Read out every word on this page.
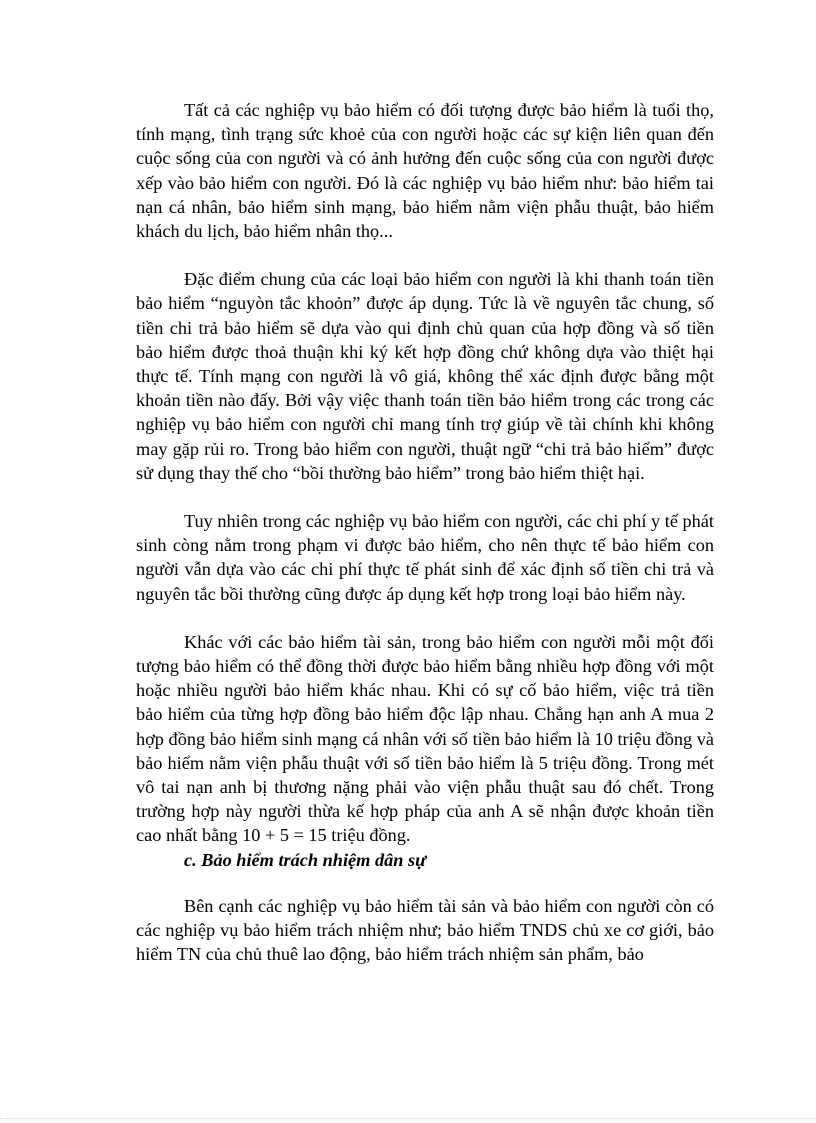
Tất cả các nghiệp vụ bảo hiểm có đối tượng được bảo hiểm là tuổi thọ, tính mạng, tình trạng sức khoẻ của con người hoặc các sự kiện liên quan đến cuộc sống của con người và có ảnh hưởng đến cuộc sống của con người được xếp vào bảo hiểm con người. Đó là các nghiệp vụ bảo hiểm như: bảo hiểm tai nạn cá nhân, bảo hiểm sinh mạng, bảo hiểm nằm viện phẫu thuật, bảo hiểm khách du lịch, bảo hiểm nhân thọ...

Đặc điểm chung của các loại bảo hiểm con người là khi thanh toán tiền bảo hiểm “nguyòn tắc khoỏn” được áp dụng. Tức là về nguyên tắc chung, số tiền chi trả bảo hiểm sẽ dựa vào qui định chủ quan của hợp đồng và số tiền bảo hiểm được thoả thuận khi ký kết hợp đồng chứ không dựa vào thiệt hại thực tế. Tính mạng con người là vô giá, không thể xác định được bằng một khoản tiền nào đấy. Bởi vậy việc thanh toán tiền bảo hiểm trong các trong các nghiệp vụ bảo hiểm con người chỉ mang tính trợ giúp về tài chính khi không may gặp rủi ro. Trong bảo hiểm con người, thuật ngữ “chi trả bảo hiểm” được sử dụng thay thế cho “bồi thường bảo hiểm” trong bảo hiểm thiệt hại.

Tuy nhiên trong các nghiệp vụ bảo hiểm con người, các chi phí y tế phát sinh còng nằm trong phạm vi được bảo hiểm, cho nên thực tế bảo hiểm con người vẫn dựa vào các chi phí thực tế phát sinh để xác định số tiền chi trả và nguyên tắc bồi thường cũng được áp dụng kết hợp trong loại bảo hiểm này.

Khác với các bảo hiểm tài sản, trong bảo hiểm con người mỗi một đối tượng bảo hiểm có thể đồng thời được bảo hiểm bằng nhiều hợp đồng với một hoặc nhiều người bảo hiểm khác nhau. Khi có sự cố bảo hiểm, việc trả tiền bảo hiểm của từng hợp đồng bảo hiểm độc lập nhau. Chẳng hạn anh A mua 2 hợp đồng bảo hiểm sinh mạng cá nhân với số tiền bảo hiểm là 10 triệu đồng và bảo hiểm nằm viện phẫu thuật với số tiền bảo hiểm là 5 triệu đồng. Trong mét vô tai nạn anh bị thương nặng phải vào viện phẫu thuật sau đó chết. Trong trường hợp này người thừa kế hợp pháp của anh A sẽ nhận được khoản tiền cao nhất bằng 10 + 5 = 15 triệu đồng.

c. Bảo hiểm trách nhiệm dân sự

Bên cạnh các nghiệp vụ bảo hiểm tài sản và bảo hiểm con người còn có các nghiệp vụ bảo hiểm trách nhiệm như; bảo hiểm TNDS chủ xe cơ giới, bảo hiểm TN của chủ thuê lao động, bảo hiểm trách nhiệm sản phẩm, bảo
